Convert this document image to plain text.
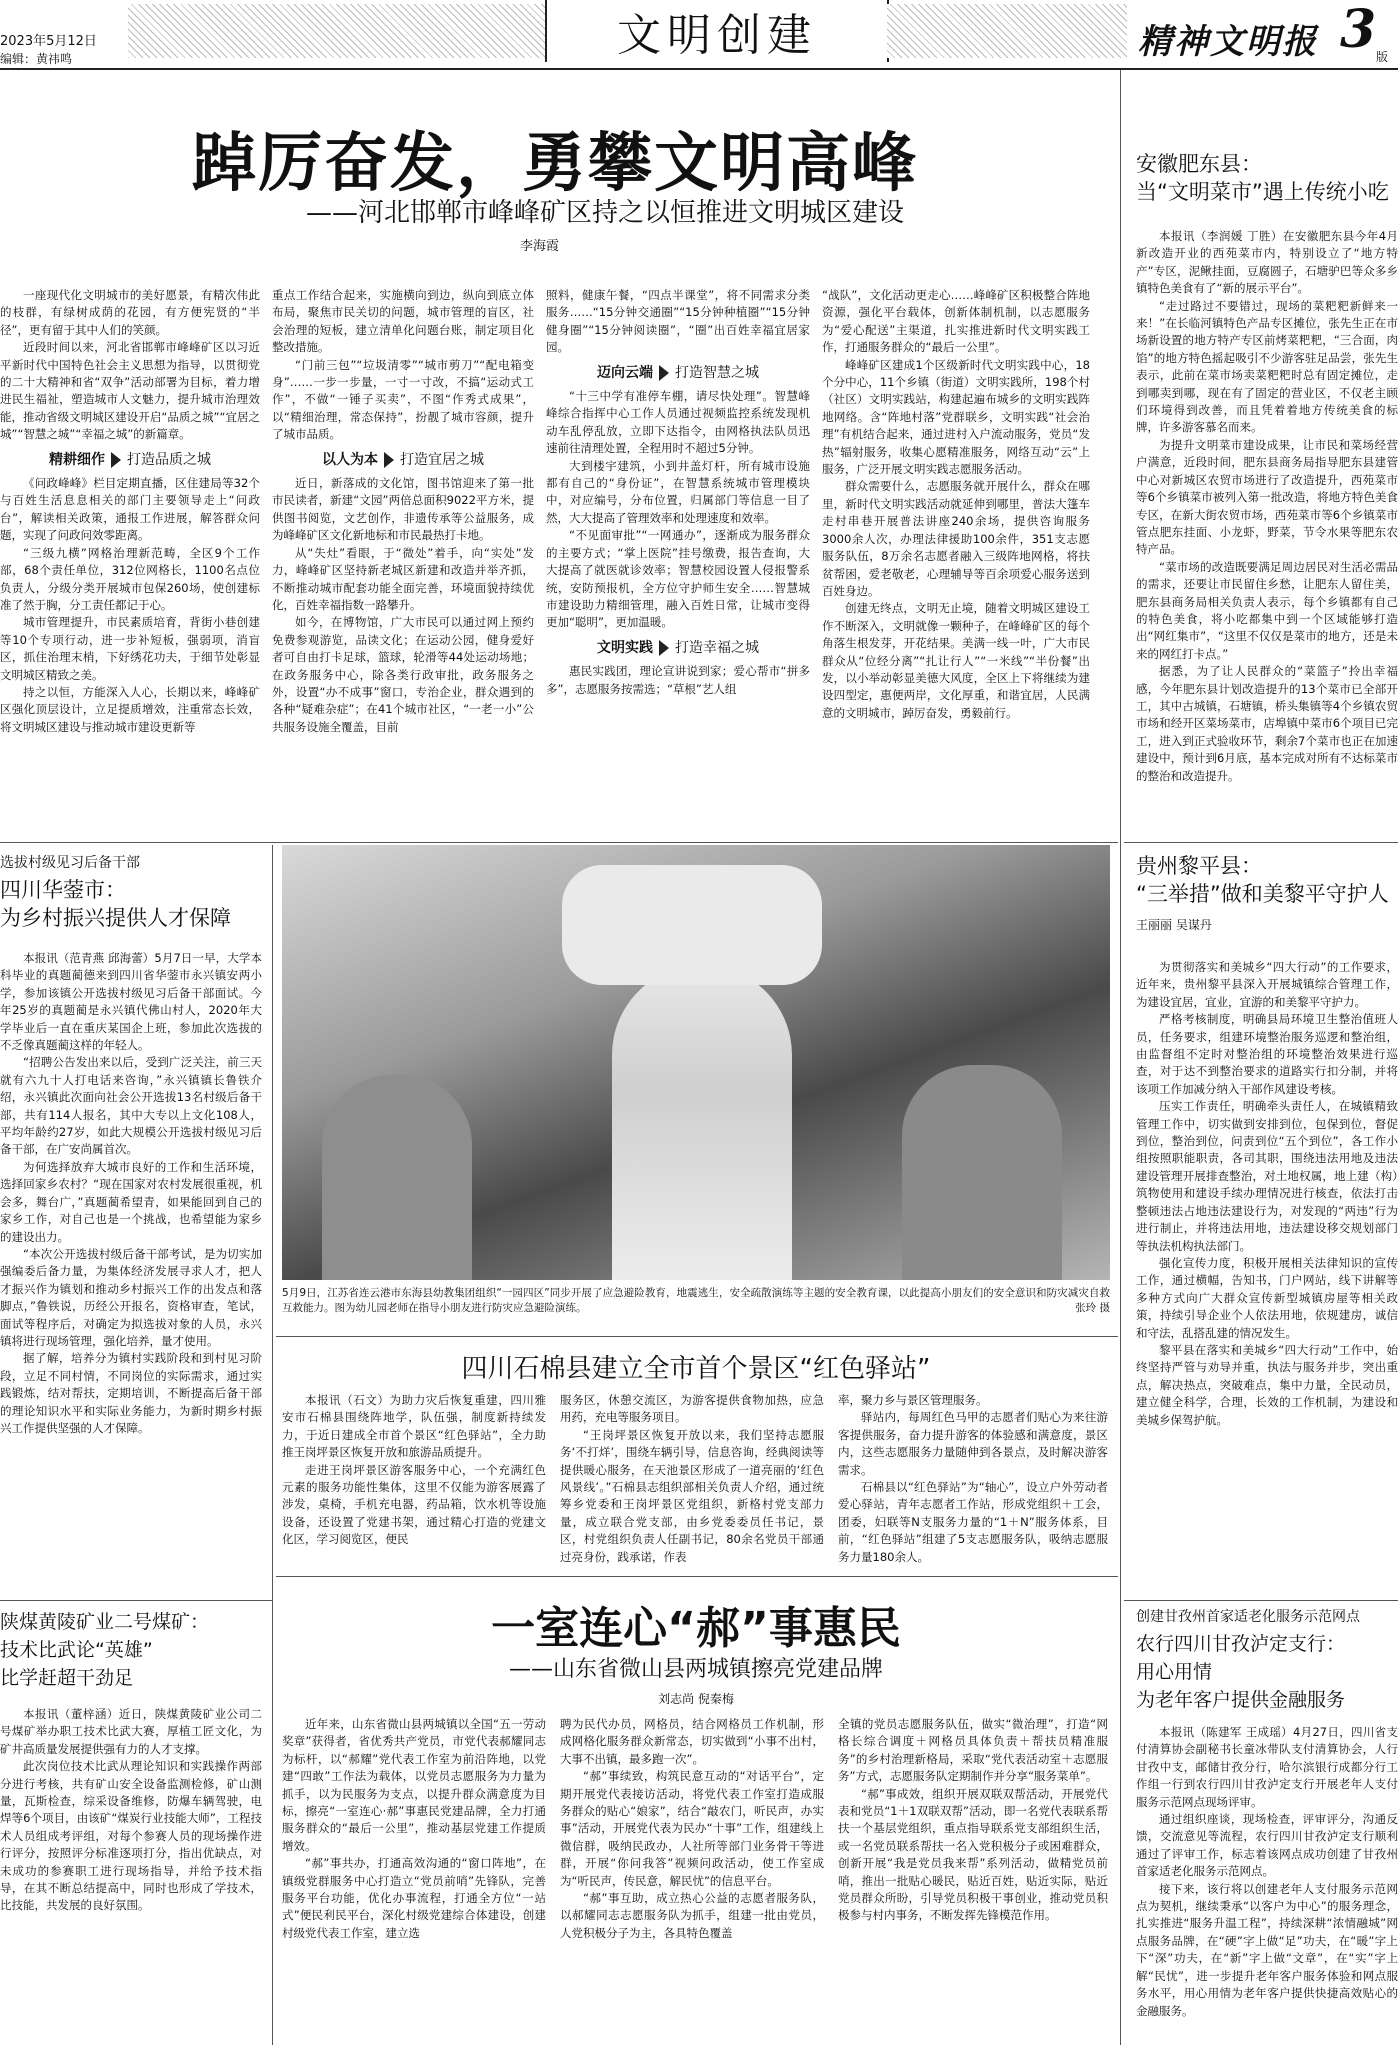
2023年5月12日
编辑：黄祎鸣	文明创建	精神文明报 3 版
踔厉奋发，勇攀文明高峰
——河北邯郸市峰峰矿区持之以恒推进文明城区建设
李海霞

一座现代化文明城市的美好愿景，有精次伟此的枝群，有绿树成荫的花园，有方便宪贤的“半径”，更有留于其中人们的笑颜。

近段时间以来，河北省邯郸市峰峰矿区以习近平新时代中国特色社会主义思想为指导，以贯彻党的二十大精神和省“双争”活动部署为目标，着力增进民生福祉，塑造城市人文魅力，提升城市治理效能，推动省级文明城区建设开启“品质之城”“宜居之城”“智慧之城”“幸福之城”的新篇章。

精耕细作 打造品质之城

《问政峰峰》栏目定期直播，区住建局等32个与百姓生活息息相关的部门主要领导走上“问政台”，解读相关政策，通报工作进展，解答群众问题，实现了问政问效零距离。

“三级九横”网格治理新范畴，全区9个工作部，68个责任单位，312位网格长，1100名点位负责人，分级分类开展城市包保260场，使创建标准了然于胸，分工责任都记于心。

城市管理提升，市民素质培育，背街小巷创建等10个专项行动，进一步补短板，强弱项，消盲区，抓住治理末梢，下好绣花功夫，于细节处彰显文明城区精致之美。

持之以恒，方能深入人心，长期以来，峰峰矿区强化顶层设计，立足提质增效，注重常态长效，将文明城区建设与推动城市建设更新等

重点工作结合起来，实施横向到边，纵向到底立体布局，聚焦市民关切的问题，城市管理的盲区，社会治理的短板，建立清单化问题台账，制定项目化整改措施。

“门前三包”“垃圾清零”“城市剪刀”“配电箱变身”……一步一步量，一寸一寸改，不搞“运动式工作”，不做“一锤子买卖”，不图“作秀式成果”，以“精细治理，常态保持”，扮靓了城市容颜，提升了城市品质。

以人为本 打造宜居之城

近日，新落成的文化馆，图书馆迎来了第一批市民读者，新建“文园”两倍总面积9022平方米，提供图书阅览，文艺创作，非遗传承等公益服务，成为峰峰矿区文化新地标和市民最热打卡地。

从“失灶”看眼，于“微处”着手，向“实处”发力，峰峰矿区坚持新老城区新建和改造并举齐抓，不断推动城市配套功能全面完善，环境面貌持续优化，百姓幸福指数一路攀升。

如今，在博物馆，广大市民可以通过网上预约免费参观游览，品读文化；在运动公园，健身爱好者可自由打卡足球，篮球，轮滑等44处运动场地；在政务服务中心，除各类行政审批，政务服务之外，设置“办不成事”窗口，专治企业，群众遇到的各种“疑难杂症”；在41个城市社区，“一老一小”公共服务设施全覆盖，目前

照料，健康午餐，“四点半课堂”，将不同需求分类服务……“15分钟交通圈”“15分钟种植圈”“15分钟健身圈”“15分钟阅读圈”，“圈”出百姓幸福宜居家园。

迈向云端 打造智慧之城

“十三中学有准停车棚，请尽快处理”。智慧峰峰综合指挥中心工作人员通过视频监控系统发现机动车乱停乱放，立即下达指令，由网格执法队员迅速前往清理处置，全程用时不超过5分钟。

大到楼宇建筑，小到井盖灯杆，所有城市设施都有自己的“身份证”，在智慧系统城市管理模块中，对应编号，分布位置，归属部门等信息一目了然，大大提高了管理效率和处理速度和效率。

“不见面审批”“一网通办”，逐渐成为服务群众的主要方式；“掌上医院”挂号缴费，报告查询，大大提高了就医就诊效率；智慧校园设置人侵报警系统，安防预报机，全方位守护师生安全……智慧城市建设助力精细管理，融入百姓日常，让城市变得更加“聪明”，更加温暖。

文明实践 打造幸福之城

惠民实践团，理论宣讲说到家；爱心帮市“拼多多”，志愿服务按需选；“草根”艺人组

“战队”，文化活动更走心……峰峰矿区积极整合阵地资源，强化平台载体，创新体制机制，以志愿服务为“爱心配送”主渠道，扎实推进新时代文明实践工作，打通服务群众的“最后一公里”。

峰峰矿区建成1个区级新时代文明实践中心，18个分中心，11个乡镇（街道）文明实践所，198个村（社区）文明实践站，构建起遍布城乡的文明实践阵地网络。含“阵地村落”党群联乡，文明实践“社会治理”有机结合起来，通过进村入户流动服务，党员“发热”辐射服务，收集心愿精准服务，网络互动“云”上服务，广泛开展文明实践志愿服务活动。

群众需要什么，志愿服务就开展什么，群众在哪里，新时代文明实践活动就延伸到哪里，普法大篷车走村串巷开展普法讲座240余场，提供咨询服务3000余人次，办理法律援助100余件，351支志愿服务队伍，8万余名志愿者融入三级阵地网格，将扶贫帮困，爱老敬老，心理辅导等百余项爱心服务送到百姓身边。

创建无终点，文明无止境，随着文明城区建设工作不断深入，文明就像一颗种子，在峰峰矿区的每个角落生根发芽，开花结果。美满一线一叶，广大市民群众从“位经分离”“扎让行人”“一米线”“半份餐”出发，以小举动彰显美德大风度，全区上下将继续为建设四型定，惠便两岸，文化厚重，和谐宜居，人民满意的文明城市，踔厉奋发，勇毅前行。

安徽肥东县：
当“文明菜市”遇上传统小吃

本报讯（李润媛 丁胜）在安徽肥东县今年4月新改造开业的西苑菜市内，特别设立了“地方特产”专区，泥鳅挂面，豆腐圆子，石塘驴巴等众多乡镇特色美食有了“新的展示平台”。

“走过路过不要错过，现场的菜粑粑新鲜来一来！”在长临河镇特色产品专区摊位，张先生正在市场新设置的地方特产专区前烤菜粑粑，“三合面，肉馅”的地方特色摇起吸引不少游客驻足品尝，张先生表示，此前在菜市场卖菜粑粑时总有固定摊位，走到哪卖到哪，现在有了固定的营业区，不仅老主顾们环境得到改善，而且凭着着地方传统美食的标牌，许多游客慕名而来。

为提升文明菜市建设成果，让市民和菜场经营户满意，近段时间，肥东县商务局指导肥东县建管中心对新城区农贸市场进行了改造提升，西苑菜市等6个乡镇菜市被列入第一批改造，将地方特色美食专区，在新大街农贸市场，西苑菜市等6个乡镇菜市管点肥东挂面、小龙虾，野菜，节令水果等肥东农特产品。

“菜市场的改造既要满足周边居民对生活必需品的需求，还要让市民留住乡愁，让肥东人留住美，肥东县商务局相关负责人表示，每个乡镇都有自己的特色美食，将小吃都集中到一个区域能够打造出“网红集市”，“这里不仅仅是菜市的地方，还是未来的网红打卡点。”

据悉，为了让人民群众的“菜篮子”拎出幸福感，今年肥东县计划改造提升的13个菜市已全部开工，其中古城镇，石塘镇，桥头集镇等4个乡镇农贸市场和经开区菜场菜市，店埠镇中菜市6个项目已完工，进入到正式验收环节，剩余7个菜市也正在加速建设中，预计到6月底，基本完成对所有不达标菜市的整治和改造提升。

贵州黎平县：
“三举措”做和美黎平守护人
王丽丽 吴谋丹

为贯彻落实和美城乡“四大行动”的工作要求，近年来，贵州黎平县深入开展城镇综合管理工作，为建设宜居，宜业，宜游的和美黎平守护力。

严格考核制度，明确县局环境卫生整治值班人员，任务要求，组建环境整治服务巡逻和整治组，由监督组不定时对整治组的环境整治效果进行巡查，对于达不到整治要求的道路实行扣分制，并将该项工作加减分纳入干部作风建设考核。

压实工作责任，明确牵头责任人，在城镇精致管理工作中，切实做到安排到位，包保到位，督促到位，整治到位，问责到位“五个到位”，各工作小组按照职能职责，各司其职，围绕违法用地及违法建设管理开展排查整治，对土地权属，地上建（构）筑物使用和建设手续办理情况进行核查，依法打击整顿违法占地违法建设行为，对发现的“两违”行为进行制止，并将违法用地，违法建设移交规划部门等执法机构执法部门。

强化宣传力度，积极开展相关法律知识的宣传工作，通过横幅，告知书，门户网站，线下讲解等多种方式向广大群众宣传新型城镇房屋等相关政策，持续引导企业个人依法用地，依规建房，诚信和守法，乱搭乱建的情况发生。

黎平县在落实和美城乡“四大行动”工作中，始终坚持严管与劝导并重，执法与服务并步，突出重点，解决热点，突破难点，集中力量，全民动员，建立健全科学，合理，长效的工作机制，为建设和美城乡保驾护航。

创建甘孜州首家适老化服务示范网点
农行四川甘孜泸定支行：
用心用情
为老年客户提供金融服务

本报讯（陈建军 王成瑶）4月27日，四川省支付清算协会副秘书长童冰带队支付清算协会，人行甘孜中支，邮储甘孜分行，哈尔滨银行成都分行工作组一行到农行四川甘孜泸定支行开展老年人支付服务示范网点现场评审。

通过组织座谈，现场检查，评审评分，沟通反馈，交流意见等流程，农行四川甘孜泸定支行顺利通过了评审工作，标志着该网点成功创建了甘孜州首家适老化服务示范网点。

接下来，该行将以创建老年人支付服务示范网点为契机，继续秉承“以客户为中心”的服务理念，扎实推进“服务升温工程”，持续深耕“浓情融城”网点服务品牌，在“硬”字上做“足”功夫，在“暖”字上下“深”功夫，在“新”字上做“文章”，在“实”字上解“民忧”，进一步提升老年客户服务体验和网点服务水平，用心用情为老年客户提供快捷高效贴心的金融服务。

选拔村级见习后备干部
四川华蓥市：
为乡村振兴提供人才保障

本报讯（范青燕 邱海蕾）5月7日一早，大学本科毕业的真题蔺德来到四川省华蓥市永兴镇安两小学，参加该镇公开选拔村级见习后备干部面试。今年25岁的真题蔺是永兴镇代佛山村人，2020年大学毕业后一直在重庆某国企上班，参加此次选拔的不乏像真题蔺这样的年轻人。

“招聘公告发出来以后，受到广泛关注，前三天就有六九十人打电话来咨询，”永兴镇镇长鲁铁介绍，永兴镇此次面向社会公开选拔13名村级后备干部，共有114人报名，其中大专以上文化108人，平均年龄约27岁，如此大规模公开选拔村级见习后备干部，在广安尚属首次。

为何选择放弃大城市良好的工作和生活环境，选择回家乡农村？“现在国家对农村发展很重视，机会多，舞台广，”真题蔺希望青，如果能回到自己的家乡工作，对自己也是一个挑战，也希望能为家乡的建设出力。

“本次公开选拔村级后备干部考试，是为切实加强编委后备力量，为集体经济发展寻求人才，把人才振兴作为镇划和推动乡村振兴工作的出发点和落脚点，”鲁铁说，历经公开报名，资格审查，笔试，面试等程序后，对确定为拟选拔对象的人员，永兴镇将进行现场管理，强化培养，量才使用。

据了解，培养分为镇村实践阶段和到村见习阶段，立足不同村情，不同岗位的实际需求，通过实践锻炼，结对帮扶，定期培训，不断提高后备干部的理论知识水平和实际业务能力，为新时期乡村振兴工作提供坚强的人才保障。

陕煤黄陵矿业二号煤矿：
技术比武论“英雄”
比学赶超干劲足

本报讯（董梓涵）近日，陕煤黄陵矿业公司二号煤矿举办职工技术比武大赛，厚植工匠文化，为矿井高质量发展提供强有力的人才支撑。

此次岗位技术比武从理论知识和实践操作两部分进行考核，共有矿山安全设备监测检修，矿山测量，瓦斯检查，综采设备维修，防爆车辆驾驶，电焊等6个项目，由该矿“煤炭行业技能大师”，工程技术人员组成考评组，对每个参赛人员的现场操作进行评分，按照评分标准逐项打分，指出优缺点，对未成功的参赛职工进行现场指导，并给予技术指导，在其不断总结提高中，同时也形成了学技术，比技能，共发展的良好氛围。

5月9日，江苏省连云港市东海县幼教集团组织“一园四区”同步开展了应急避险教育，地震逃生，安全疏散演练等主题的安全教育课，以此提高小朋友们的安全意识和防灾减灾自救互救能力。图为幼儿园老师在指导小朋友进行防灾应急避险演练。	张玲 摄
四川石棉县建立全市首个景区“红色驿站”

本报讯（石文）为助力灾后恢复重建，四川雅安市石棉县围绕阵地学，队伍强，制度新持续发力，于近日建成全市首个景区“红色驿站”，全力助推王岗坪景区恢复开放和旅游品质提升。

走进王岗坪景区游客服务中心，一个充满红色元素的服务功能性集体，这里不仅能为游客展露了涉发，桌椅，手机充电器，药品箱，饮水机等设施设备，还设置了党建书架，通过精心打造的党建文化区，学习阅览区，便民

服务区，休憩交流区，为游客提供食物加热，应急用药，充电等服务项目。

“王岗坪景区恢复开放以来，我们坚持志愿服务‘不打烊’，围绕车辆引导，信息咨询，经典阅读等提供暖心服务，在天池景区形成了一道亮丽的‘红色风景线’。”石棉县志组织部相关负责人介绍，通过统筹乡党委和王岗坪景区党组织，新格村党支部力量，成立联合党支部，由乡党委委员任书记，景区，村党组织负责人任副书记，80余名党员干部通过亮身份，践承诺，作表

率，聚力乡与景区管理服务。

驿站内，每周红色马甲的志愿者们贴心为来往游客提供服务，奋力提升游客的体验感和满意度，景区内，这些志愿服务力量随伸到各景点，及时解决游客需求。

石棉县以“红色驿站”为“轴心”，设立户外劳动者爱心驿站，青年志愿者工作站，形成党组织＋工会，团委，妇联等N支服务力量的“1＋N”服务体系，目前，“红色驿站”组建了5支志愿服务队，吸纳志愿服务力量180余人。

一室连心“郝”事惠民
——山东省微山县两城镇擦亮党建品牌
刘志尚 倪秦梅

近年来，山东省微山县两城镇以全国“五一劳动奖章”获得者，省优秀共产党员，市党代表郝耀同志为标杆，以“郝耀”党代表工作室为前沿阵地，以党建“四敢”工作法为载体，以党员志愿服务为力量为抓手，以为民服务为支点，以提升群众满意度为目标，擦亮“一室连心·郝”事惠民党建品牌，全力打通服务群众的“最后一公里”，推动基层党建工作提质增效。

“郝”事共办，打通高效沟通的“窗口阵地”，在镇级党群服务中心打造立“党员前哨”先锋队，完善服务平台功能，优化办事流程，打通全方位“一站式”便民利民平台，深化村级党建综合体建设，创建村级党代表工作室，建立选

聘为民代办员，网格员，结合网格员工作机制，形成网格化服务群众新常态，切实做到“小事不出村，大事不出镇，最多跑一次”。

“郝”事续致，构筑民意互动的“对话平台”，定期开展党代表接访活动，将党代表工作室打造成服务群众的贴心“娘家”，结合“敲农门，听民声，办实事”活动，开展党代表为民办“十事”工作，组建线上微信群，吸纳民政办，人社所等部门业务骨干等进群，开展“你问我答”视频问政活动，使工作室成为“听民声，传民意，解民忧”的信息平台。

“郝”事互助，成立热心公益的志愿者服务队，以郝耀同志志愿服务队为抓手，组建一批由党员，人党积极分子为主，各具特色覆盖

全镇的党员志愿服务队伍，做实“微治理”，打造“网格长综合调度＋网格员具体负责＋帮扶员精准服务”的乡村治理新格局，采取“党代表活动室＋志愿服务”方式，志愿服务队定期制作并分享“服务菜单”。

“郝”事成效，组织开展双联双帮活动，开展党代表和党员“1＋1双联双帮”活动，即一名党代表联系帮扶一个基层党组织，重点指导联系党支部组织生活，或一名党员联系帮扶一名入党积极分子或困难群众，创新开展“我是党员我来帮”系列活动，做精党员前哨，推出一批贴心暖民，贴近百姓，贴近实际，贴近党员群众所盼，引导党员积极干事创业，推动党员积极参与村内事务，不断发挥先锋模范作用。
